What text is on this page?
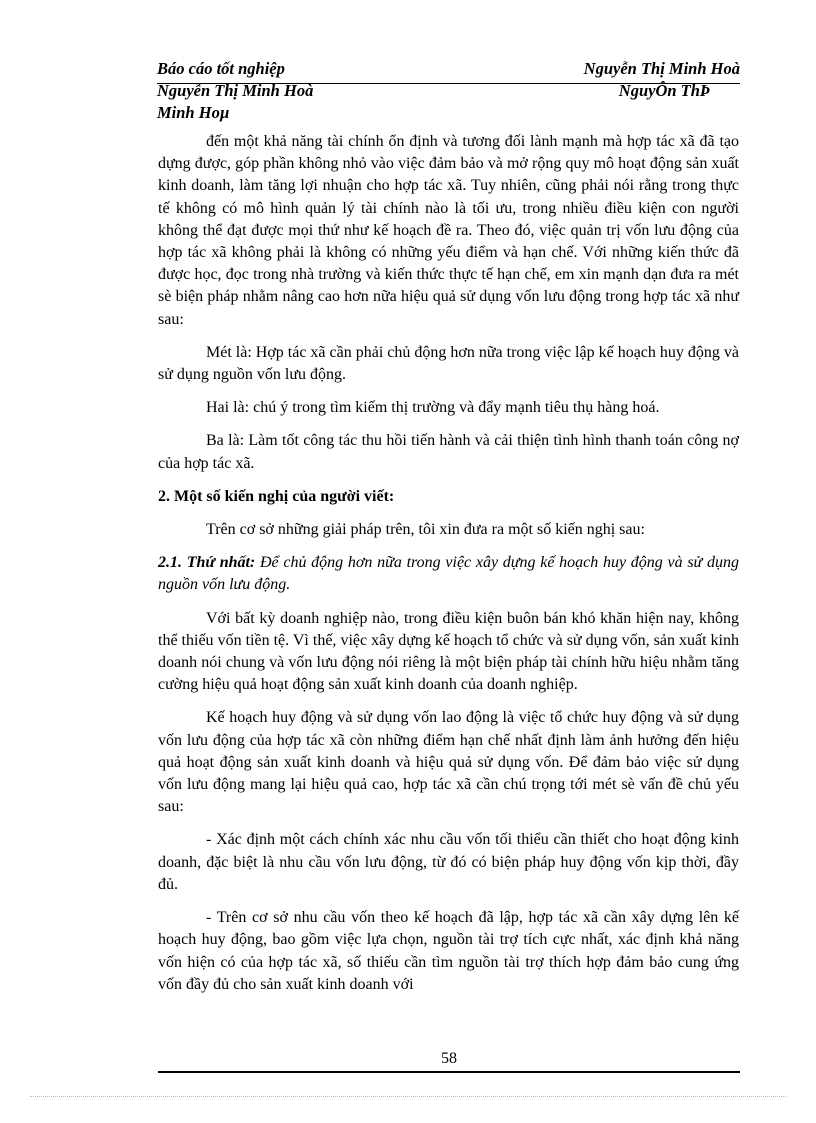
Báo cáo tốt nghiệp	Nguyễn Thị Minh Hoà
Nguyễn Thị Minh Hoà	NguyÔn ThÞ
Minh Hoµ

đến một khả năng tài chính ổn định và tương đối lành mạnh mà hợp tác xã đã tạo dựng được, góp phần không nhỏ vào việc đảm bảo và mở rộng quy mô hoạt động sản xuất kinh doanh, làm tăng lợi nhuận cho hợp tác xã. Tuy nhiên, cũng phải nói rằng trong thực tế không có mô hình quản lý tài chính nào là tối ưu, trong nhiều điều kiện con người không thể đạt được mọi thứ như kế hoạch đề ra. Theo đó, việc quản trị vốn lưu động của hợp tác xã không phải là không có những yếu điểm và hạn chế. Với những kiến thức đã được học, đọc trong nhà trường và kiến thức thực tế hạn chế, em xin mạnh dạn đưa ra mét sè biện pháp nhằm nâng cao hơn nữa hiệu quả sử dụng vốn lưu động trong hợp tác xã như sau:

Mét là: Hợp tác xã cần phải chủ động hơn nữa trong việc lập kế hoạch huy động và sử dụng nguồn vốn lưu động.

Hai là: chú ý trong tìm kiếm thị trường và đẩy mạnh tiêu thụ hàng hoá.

Ba là: Làm tốt công tác thu hồi tiến hành và cải thiện tình hình thanh toán công nợ của hợp tác xã.

2. Một số kiến nghị của người viết:

Trên cơ sở những giải pháp trên, tôi xin đưa ra một số kiến nghị sau:

2.1. Thứ nhất: Để chủ động hơn nữa trong việc xây dựng kế hoạch huy động và sử dụng nguồn vốn lưu động.

Với bất kỳ doanh nghiệp nào, trong điều kiện buôn bán khó khăn hiện nay, không thể thiếu vốn tiền tệ. Vì thế, việc xây dựng kế hoạch tổ chức và sử dụng vốn, sản xuất kinh doanh nói chung và vốn lưu động nói riêng là một biện pháp tài chính hữu hiệu nhằm tăng cường hiệu quả hoạt động sản xuất kinh doanh của doanh nghiệp.

Kế hoạch huy động và sử dụng vốn lao động là việc tổ chức huy động và sử dụng vốn lưu động của hợp tác xã còn những điểm hạn chế nhất định làm ảnh hưởng đến hiệu quả hoạt động sản xuất kinh doanh và hiệu quả sử dụng vốn. Để đảm bảo việc sử dụng vốn lưu động mang lại hiệu quả cao, hợp tác xã cần chú trọng tới mét sè vấn đề chủ yếu sau:

- Xác định một cách chính xác nhu cầu vốn tối thiểu cần thiết cho hoạt động kinh doanh, đặc biệt là nhu cầu vốn lưu động, từ đó có biện pháp huy động vốn kịp thời, đầy đủ.

- Trên cơ sở nhu cầu vốn theo kế hoạch đã lập, hợp tác xã cần xây dựng lên kế hoạch huy động, bao gồm việc lựa chọn, nguồn tài trợ tích cực nhất, xác định khả năng vốn hiện có của hợp tác xã, số thiếu cần tìm nguồn tài trợ thích hợp đảm bảo cung ứng vốn đầy đủ cho sản xuất kinh doanh với

58
